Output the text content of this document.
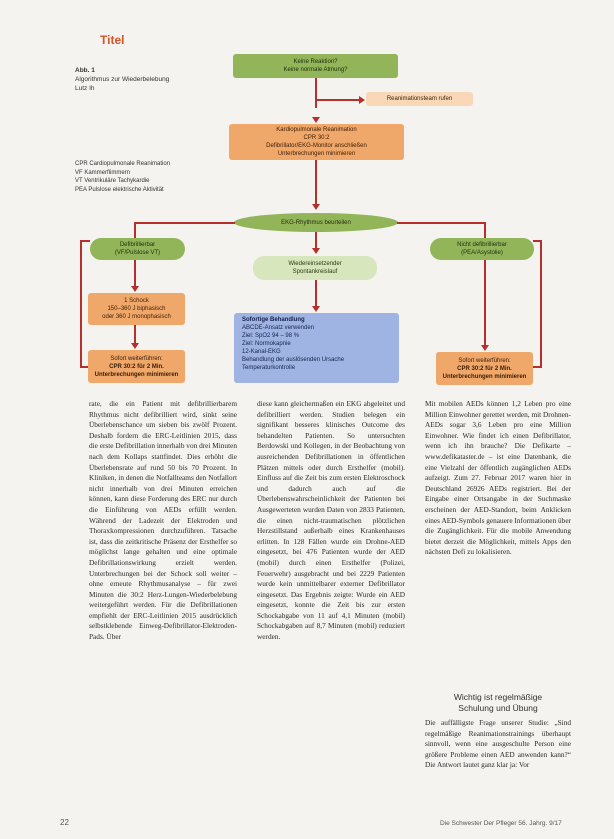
Titel
Abb. 1
Algorithmus zur Wiederbelebung
Lutz Ih
CPR Cardiopulmonale Reanimation
VF Kammerflimmern
VT Ventrikuläre Tachykardie
PEA Pulslose elektrische Aktivität
Keine Reaktion?
Keine normale Atmung?
Reanimationsteam rufen
Kardiopulmonale Reanimation
CPR 30:2
Defibrillator/EKG-Monitor anschließen
Unterbrechungen minimieren
EKG-Rhythmus beurteilen
Defibrillierbar
(VF/Pulslose VT)
Nicht defibrillierbar
(PEA/Asystolie)
Wiedereinsetzender
Spontankreislauf
1 Schock
150–360 J biphasisch
oder 360 J monophasisch
Sofort weiterführen:
CPR 30:2 für 2 Min.
Unterbrechungen minimieren
Sofort weiterführen:
CPR 30:2 für 2 Min.
Unterbrechungen minimieren
Sofortige Behandlung
ABCDE-Ansatz verwenden
Ziel: SpO2 94 – 98 %
Ziel: Normokapnie
12-Kanal-EKG
Behandlung der auslösenden Ursache
Temperaturkontrolle
rate, die ein Patient mit defibrillierbarem Rhythmus nicht defibrilliert wird, sinkt seine Überlebenschance um sieben bis zwölf Prozent. Deshalb fordern die ERC-Leitlinien 2015, dass die erste Defibrillation innerhalb von drei Minuten nach dem Kollaps stattfindet. Dies erhöht die Überlebensrate auf rund 50 bis 70 Prozent. In Kliniken, in denen die Notfallteams den Notfallort nicht innerhalb von drei Minuten erreichen können, kann diese Forderung des ERC nur durch die Einführung von AEDs erfüllt werden. Während der Ladezeit der Elektroden und Thoraxkompressionen durchzuführen. Tatsache ist, dass die zeitkritische Präsenz der Ersthelfer so möglichst lange gehalten und eine optimale Defibrillationswirkung erzielt werden. Unterbrechungen bei der Schock soll weiter – ohne erneute Rhythmusanalyse – für zwei Minuten die 30:2 Herz-Lungen-Wiederbelebung weitergeführt werden. Für die Defibrillationen empfiehlt der ERC-Leitlinien 2015 ausdrücklich selbstklebende Einweg-Defibrillator-Elektroden-Pads. Über
diese kann gleichermaßen ein EKG abgeleitet und defibrilliert werden. Studien belegen ein signifikant besseres klinisches Outcome des behandelten Patienten. So untersuchten Berdowski und Kollegen, in der Beobachtung von ausreichenden Defibrillationen in öffentlichen Plätzen mittels oder durch Ersthelfer (mobil). Einfluss auf die Zeit bis zum ersten Elektroschock und dadurch auch auf die Überlebenswahrscheinlichkeit der Patienten bei Ausgewerteten wurden Daten von 2833 Patienten, die einen nicht-traumatischen plötzlichen Herzstillstand außerhalb eines Krankenhauses erlitten. In 128 Fällen wurde ein Drohne-AED eingesetzt, bei 476 Patienten wurde der AED (mobil) durch einen Ersthelfer (Polizei, Feuerwehr) ausgebracht und bei 2229 Patienten wurde kein unmittelbarer externer Defibrillator eingesetzt. Das Ergebnis zeigte: Wurde ein AED eingesetzt, konnte die Zeit bis zur ersten Schockabgabe von 11 auf 4,1 Minuten (mobil) Schockabgaben auf 8,7 Minuten (mobil) reduziert werden.
Mit mobilen AEDs können 1,2 Leben pro eine Million Einwohner gerettet werden, mit Drohnen-AEDs sogar 3,6 Leben pro eine Million Einwohner. Wie findet ich einen Defibrillator, wenn ich ihn brauche? Die Defikarte – www.defikataster.de – ist eine Datenbank, die eine Vielzahl der öffentlich zugänglichen AEDs aufzeigt. Zum 27. Februar 2017 waren hier in Deutschland 26926 AEDs registriert. Bei der Eingabe einer Ortsangabe in der Suchmaske erscheinen der AED-Standort, beim Anklicken eines AED-Symbols genauere Informationen über die Zugänglichkeit. Für die mobile Anwendung bietet derzeit die Möglichkeit, mittels Apps den nächsten Defi zu lokalisieren.
Wichtig ist regelmäßige
Schulung und Übung
Die auffälligste Frage unserer Studie: „Sind regelmäßige Reanimationstrainings überhaupt sinnvoll, wenn eine ausgeschulte Person eine größere Probleme einen AED anwenden kann?“ Die Antwort lautet ganz klar ja: Vor
22	Die Schwester Der Pfleger 56. Jahrg. 9/17
